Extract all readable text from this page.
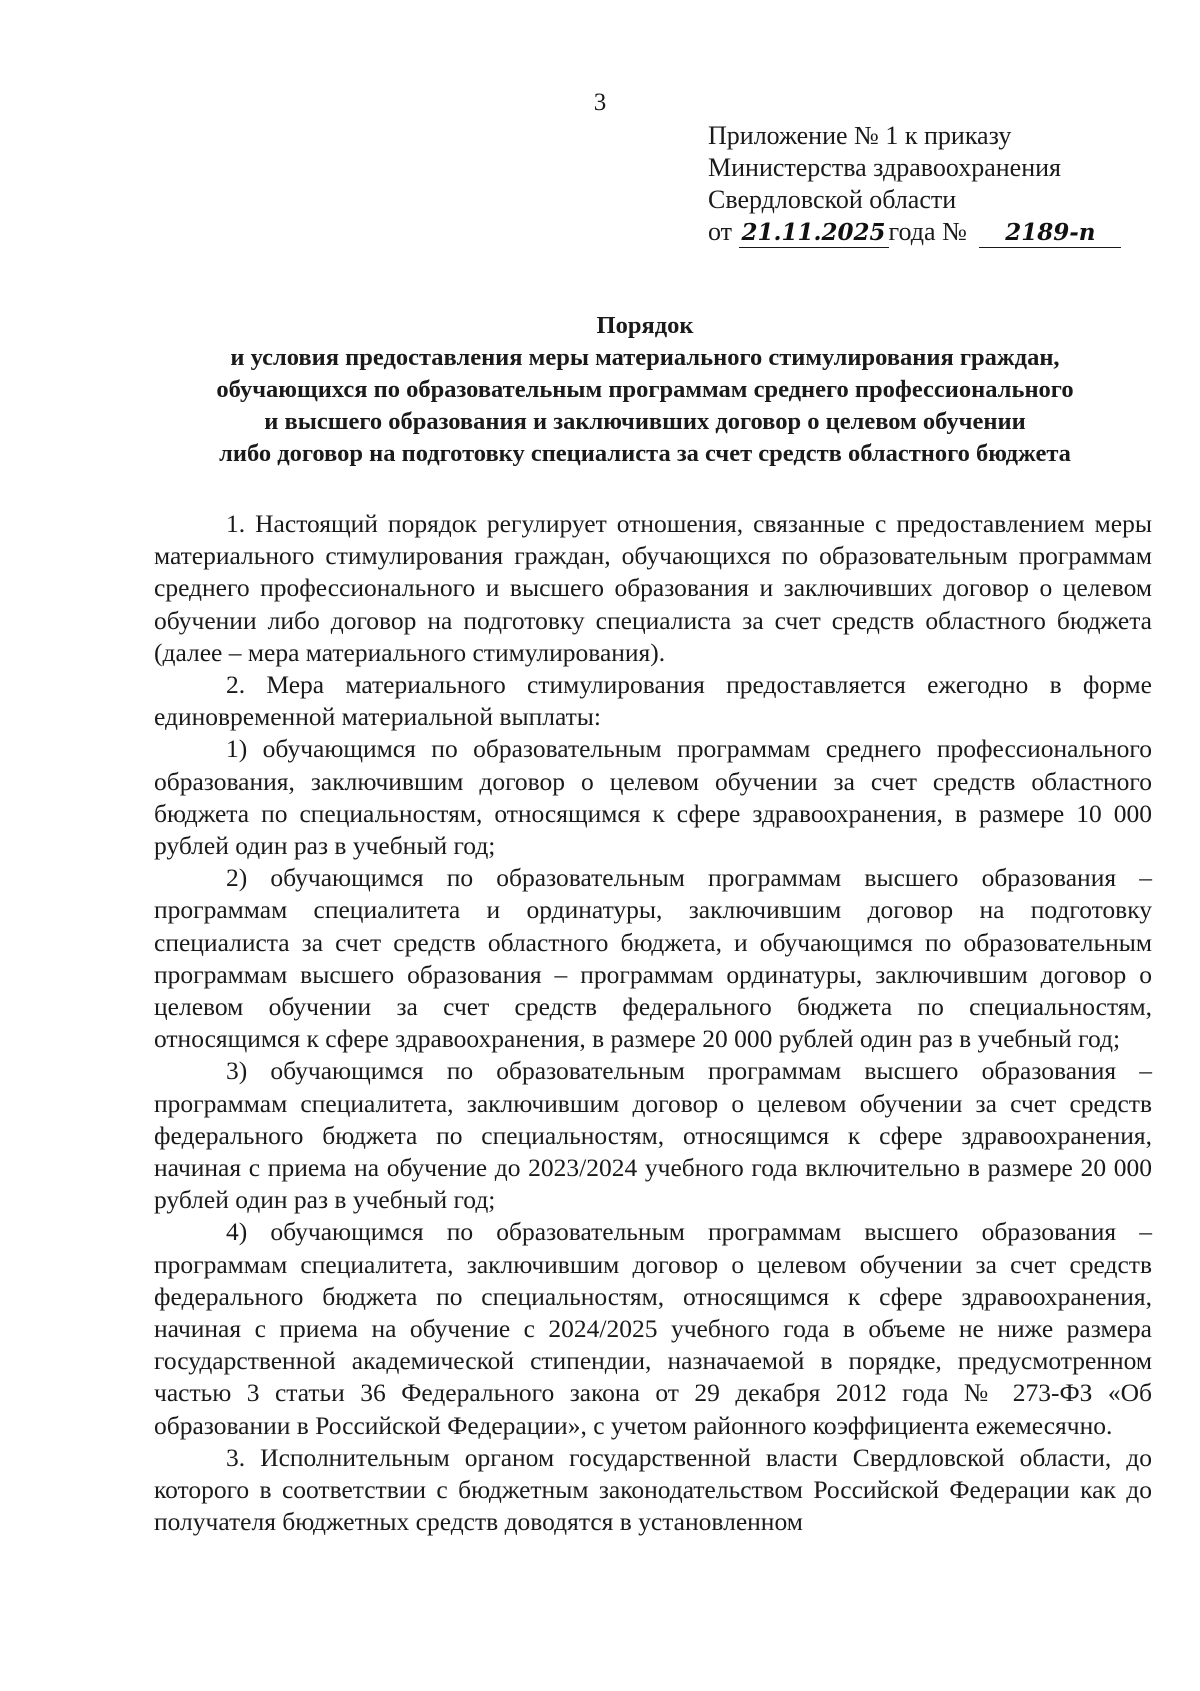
3
Приложение № 1 к приказу
Министерства здравоохранения
Свердловской области
от 21.11.2025 года № 2189-п
Порядок
и условия предоставления меры материального стимулирования граждан,
обучающихся по образовательным программам среднего профессионального
и высшего образования и заключивших договор о целевом обучении
либо договор на подготовку специалиста за счет средств областного бюджета

1. Настоящий порядок регулирует отношения, связанные с предоставлением меры материального стимулирования граждан, обучающихся по образовательным программам среднего профессионального и высшего образования и заключивших договор о целевом обучении либо договор на подготовку специалиста за счет средств областного бюджета (далее – мера материального стимулирования).

2. Мера материального стимулирования предоставляется ежегодно в форме единовременной материальной выплаты:

1) обучающимся по образовательным программам среднего профессионального образования, заключившим договор о целевом обучении за счет средств областного бюджета по специальностям, относящимся к сфере здравоохранения, в размере 10 000 рублей один раз в учебный год;

2) обучающимся по образовательным программам высшего образования – программам специалитета и ординатуры, заключившим договор на подготовку специалиста за счет средств областного бюджета, и обучающимся по образовательным программам высшего образования – программам ординатуры, заключившим договор о целевом обучении за счет средств федерального бюджета по специальностям, относящимся к сфере здравоохранения, в размере 20 000 рублей один раз в учебный год;

3) обучающимся по образовательным программам высшего образования – программам специалитета, заключившим договор о целевом обучении за счет средств федерального бюджета по специальностям, относящимся к сфере здравоохранения, начиная с приема на обучение до 2023/2024 учебного года включительно в размере 20 000 рублей один раз в учебный год;

4) обучающимся по образовательным программам высшего образования – программам специалитета, заключившим договор о целевом обучении за счет средств федерального бюджета по специальностям, относящимся к сфере здравоохранения, начиная с приема на обучение с 2024/2025 учебного года в объеме не ниже размера государственной академической стипендии, назначаемой в порядке, предусмотренном частью 3 статьи 36 Федерального закона от 29 декабря 2012 года № 273-ФЗ «Об образовании в Российской Федерации», с учетом районного коэффициента ежемесячно.

3. Исполнительным органом государственной власти Свердловской области, до которого в соответствии с бюджетным законодательством Российской Федерации как до получателя бюджетных средств доводятся в установленном
